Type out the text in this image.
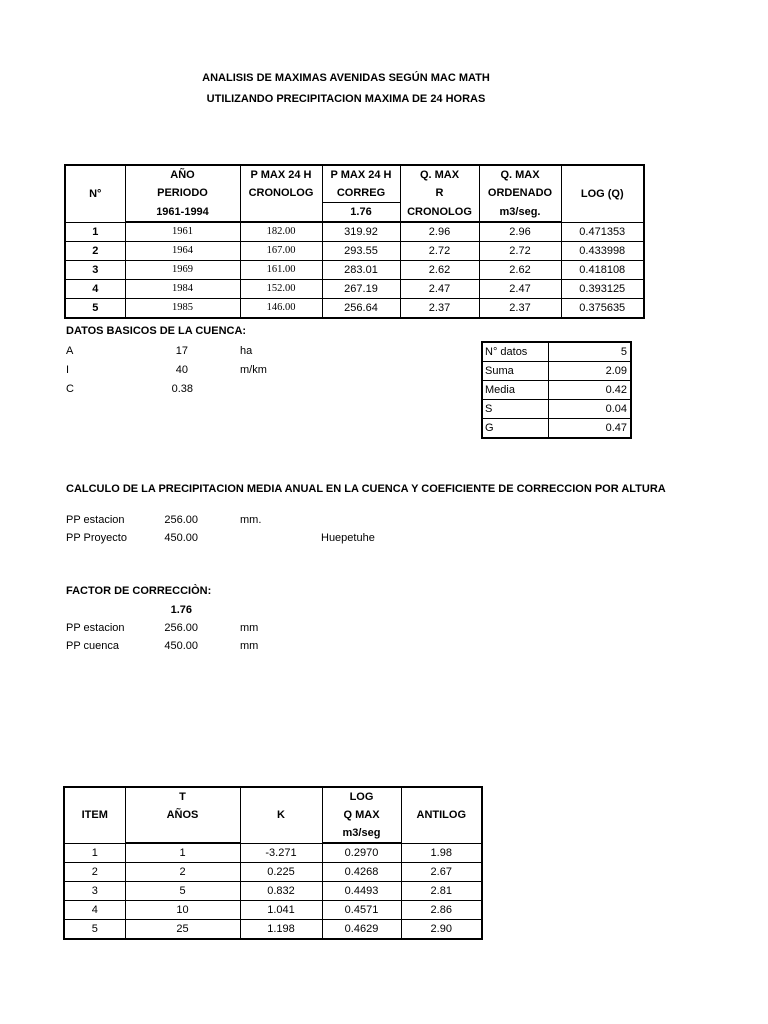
ANALISIS DE MAXIMAS AVENIDAS SEGÚN MAC MATH
UTILIZANDO PRECIPITACION MAXIMA DE 24 HORAS
N°	AÑO	P MAX 24 H	P MAX 24 H	Q. MAX	Q. MAX	LOG (Q)
	PERIODO	CRONOLOG	CORREG	R	ORDENADO	
	1961-1994		1.76	CRONOLOG	m3/seg.	
1	1961	182.00	319.92	2.96	2.96	0.471353
2	1964	167.00	293.55	2.72	2.72	0.433998
3	1969	161.00	283.01	2.62	2.62	0.418108
4	1984	152.00	267.19	2.47	2.47	0.393125
5	1985	146.00	256.64	2.37	2.37	0.375635
DATOS BASICOS DE LA CUENCA:
A	17	ha
I	40	m/km
C	0.38
N° datos	5
Suma	2.09
Media	0.42
S	0.04
G	0.47
CALCULO DE LA PRECIPITACION MEDIA ANUAL EN LA CUENCA Y COEFICIENTE DE CORRECCION POR ALTURA
PP estacion	256.00	mm.
PP Proyecto	450.00	Huepetuhe
FACTOR DE CORRECCIÒN:
1.76
PP estacion	256.00	mm
PP cuenca	450.00	mm
ITEM	T	K	LOG	ANTILOG
	AÑOS		Q MAX	
			m3/seg	
1	1	-3.271	0.2970	1.98
2	2	0.225	0.4268	2.67
3	5	0.832	0.4493	2.81
4	10	1.041	0.4571	2.86
5	25	1.198	0.4629	2.90
